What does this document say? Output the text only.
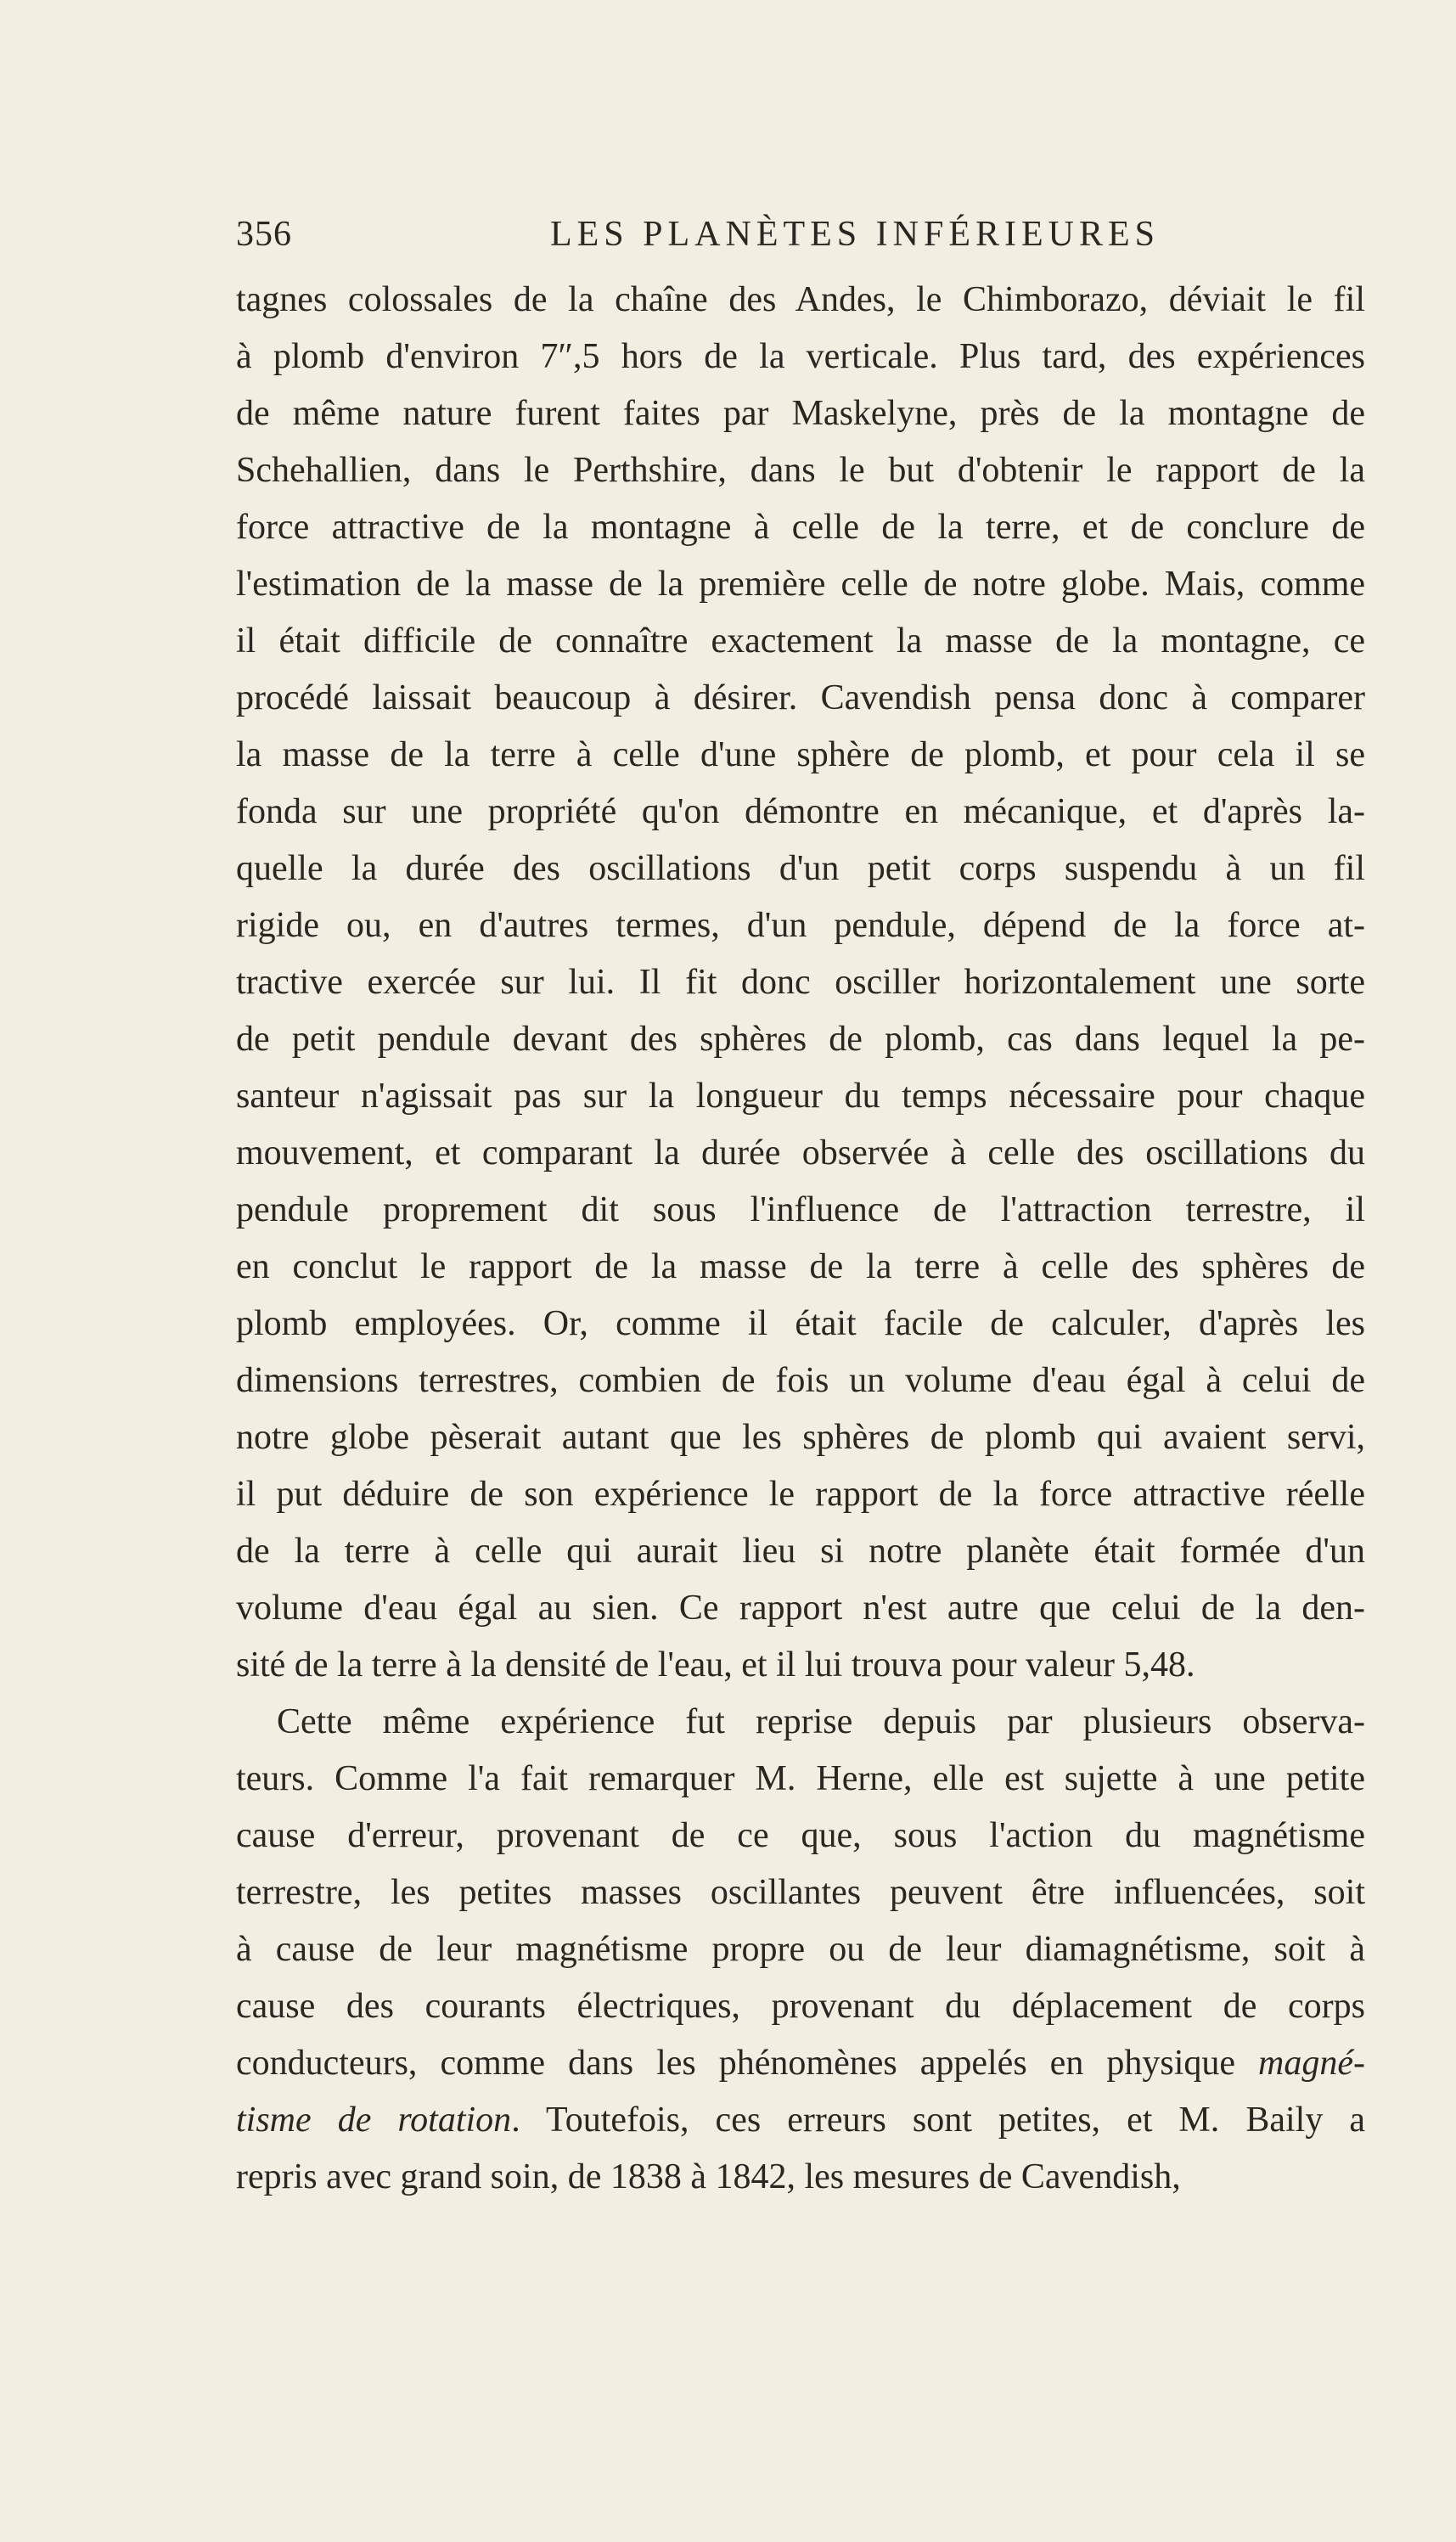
356	LES PLANÈTES INFÉRIEURES
tagnes colossales de la chaîne des Andes, le Chimborazo, déviait le fil
à plomb d'environ 7″,5 hors de la verticale. Plus tard, des expériences
de même nature furent faites par Maskelyne, près de la montagne de
Schehallien, dans le Perthshire, dans le but d'obtenir le rapport de la
force attractive de la montagne à celle de la terre, et de conclure de
l'estimation de la masse de la première celle de notre globe. Mais, comme
il était difficile de connaître exactement la masse de la montagne, ce
procédé laissait beaucoup à désirer. Cavendish pensa donc à comparer
la masse de la terre à celle d'une sphère de plomb, et pour cela il se
fonda sur une propriété qu'on démontre en mécanique, et d'après la-
quelle la durée des oscillations d'un petit corps suspendu à un fil
rigide ou, en d'autres termes, d'un pendule, dépend de la force at-
tractive exercée sur lui. Il fit donc osciller horizontalement une sorte
de petit pendule devant des sphères de plomb, cas dans lequel la pe-
santeur n'agissait pas sur la longueur du temps nécessaire pour chaque
mouvement, et comparant la durée observée à celle des oscillations du
pendule proprement dit sous l'influence de l'attraction terrestre, il
en conclut le rapport de la masse de la terre à celle des sphères de
plomb employées. Or, comme il était facile de calculer, d'après les
dimensions terrestres, combien de fois un volume d'eau égal à celui de
notre globe pèserait autant que les sphères de plomb qui avaient servi,
il put déduire de son expérience le rapport de la force attractive réelle
de la terre à celle qui aurait lieu si notre planète était formée d'un
volume d'eau égal au sien. Ce rapport n'est autre que celui de la den-
sité de la terre à la densité de l'eau, et il lui trouva pour valeur 5,48.
Cette même expérience fut reprise depuis par plusieurs observa-
teurs. Comme l'a fait remarquer M. Herne, elle est sujette à une petite
cause d'erreur, provenant de ce que, sous l'action du magnétisme
terrestre, les petites masses oscillantes peuvent être influencées, soit
à cause de leur magnétisme propre ou de leur diamagnétisme, soit à
cause des courants électriques, provenant du déplacement de corps
conducteurs, comme dans les phénomènes appelés en physique magné-
tisme de rotation. Toutefois, ces erreurs sont petites, et M. Baily a
repris avec grand soin, de 1838 à 1842, les mesures de Cavendish,
